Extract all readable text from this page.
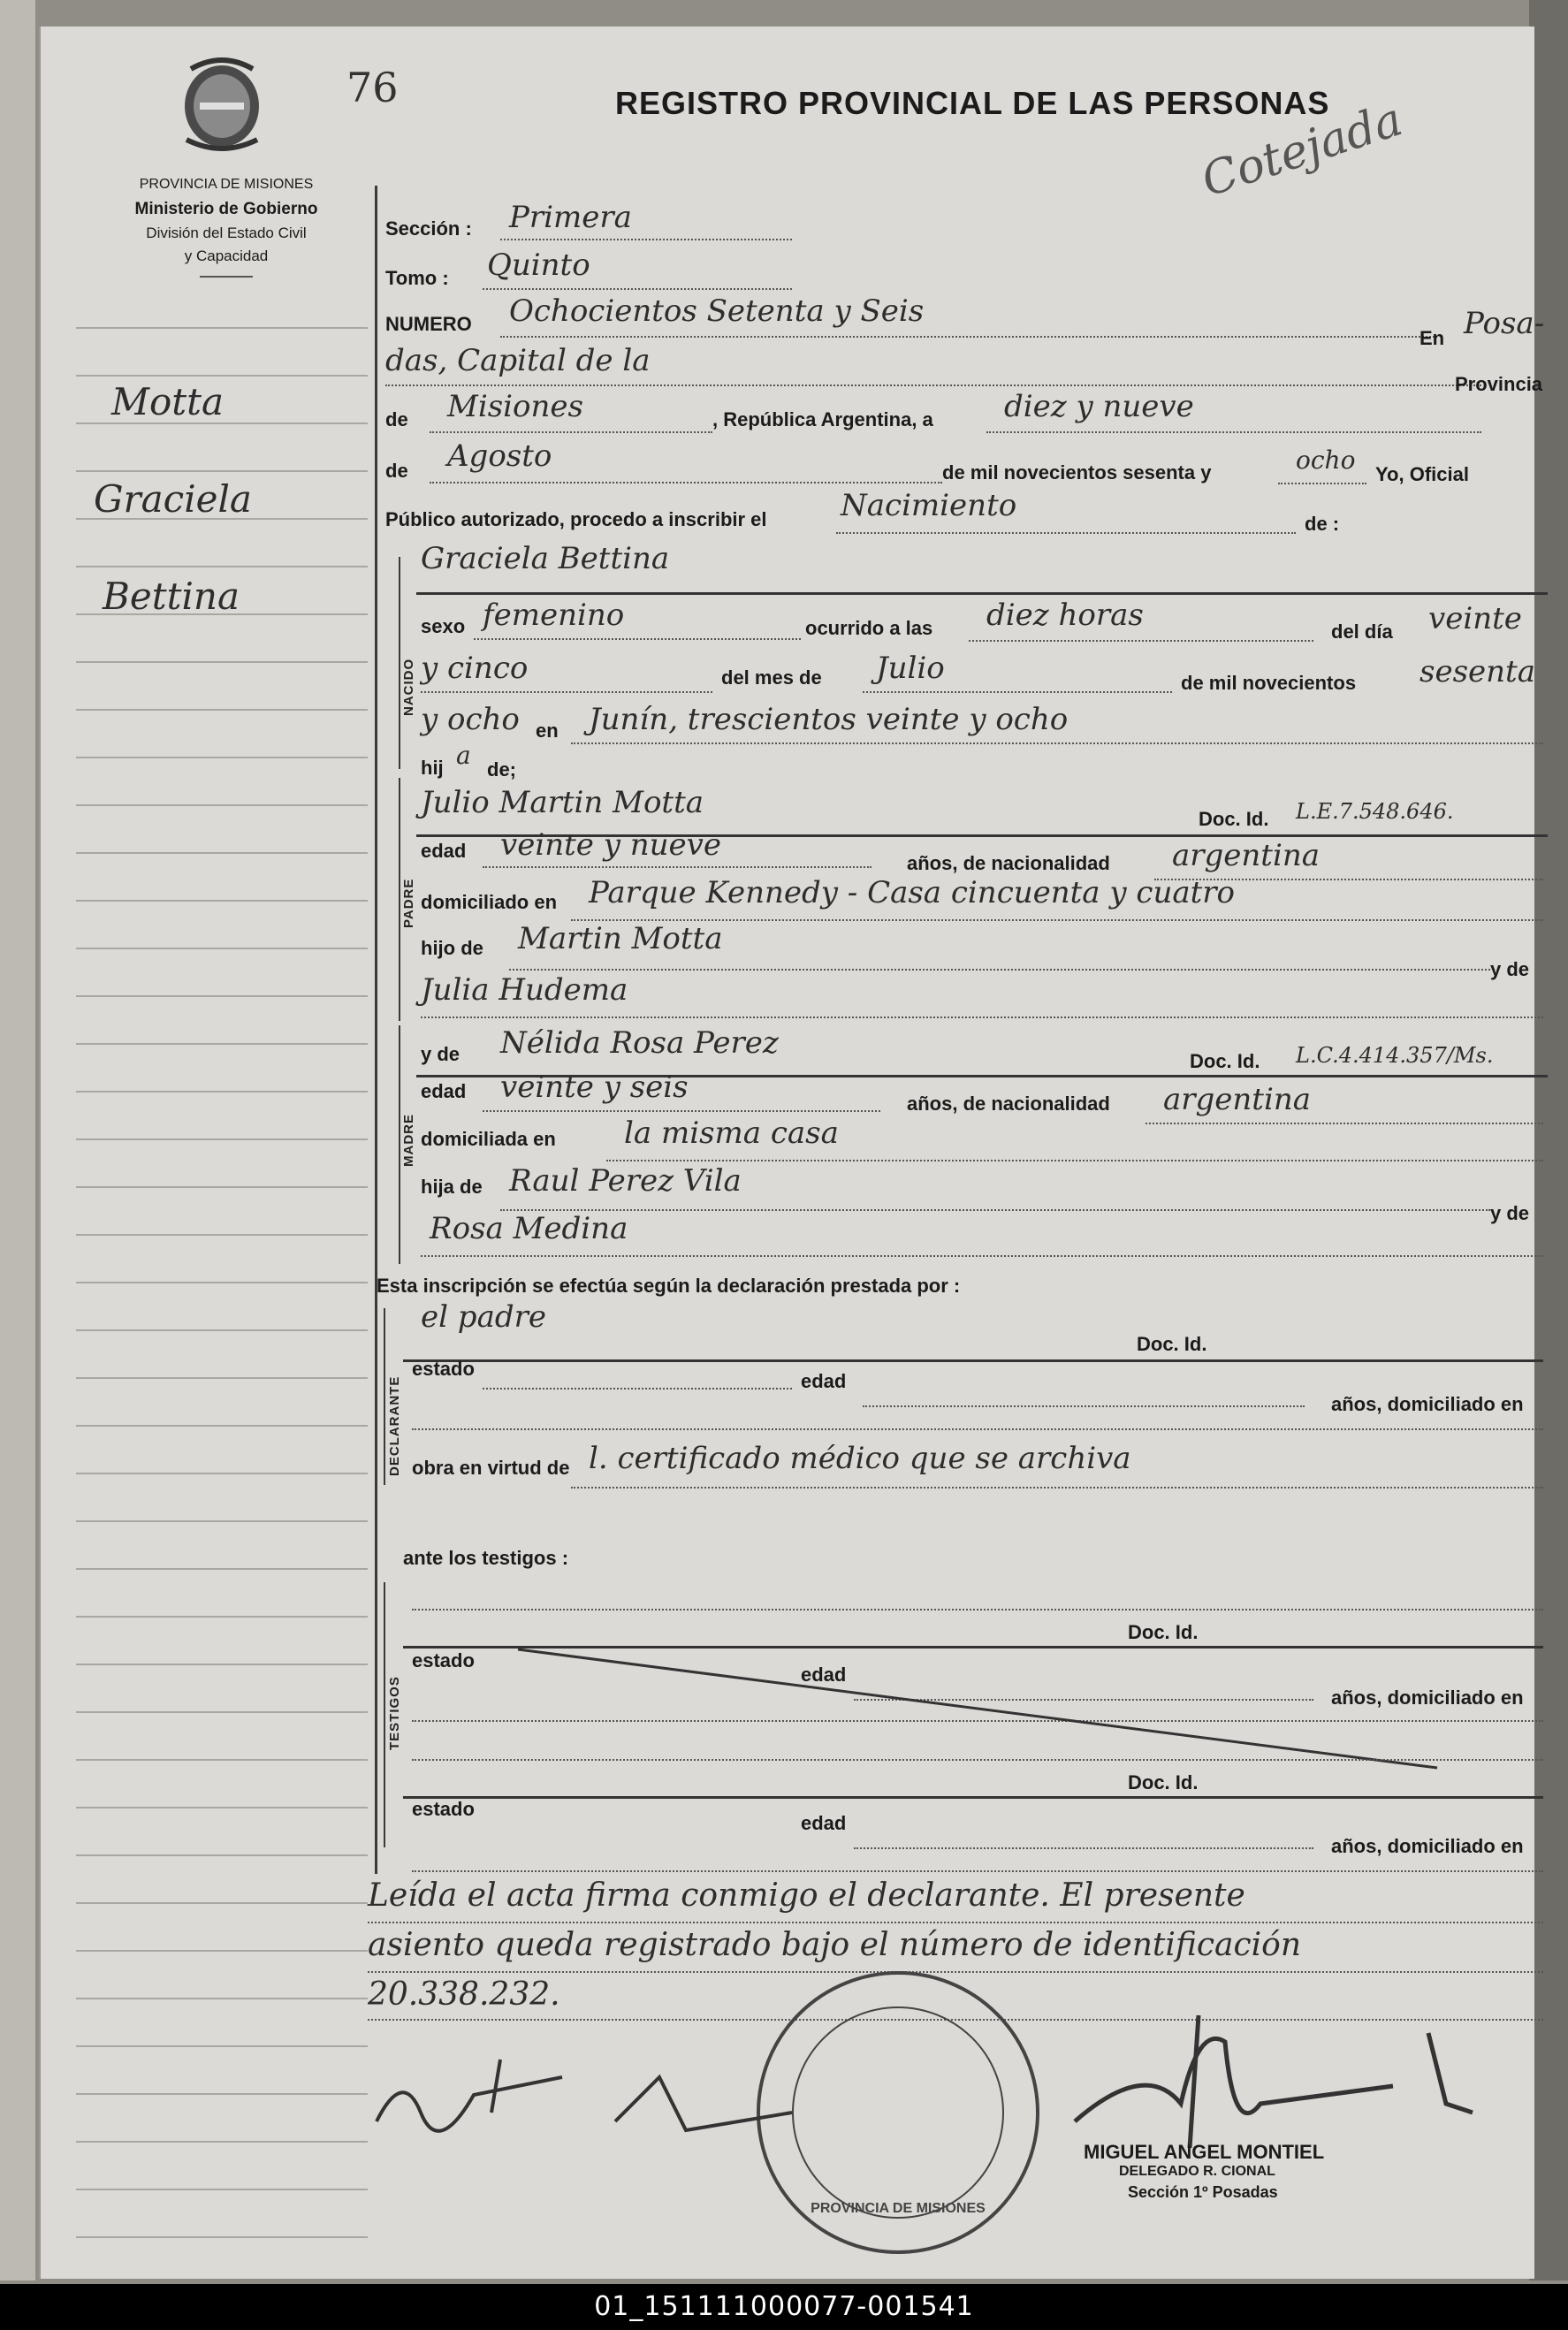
PROVINCIA DE MISIONES
Ministerio de Gobierno
División del Estado Civil
y Capacidad
76	REGISTRO PROVINCIAL DE LAS PERSONAS
Cotejada
Motta
Graciela
Bettina
Sección : Primera
Tomo : Quinto
NUMERO Ochocientos Setenta y Seis
En Posa-
das, Capital de la
Provincia
de Misiones	, República Argentina, a diez y nueve
de Agosto	de mil novecientos sesenta y	ocho Yo, Oficial
Público autorizado, procedo a inscribir el Nacimiento
de :
NACIDO
Graciela Bettina
sexo femenino	ocurrido a las diez horas	del día veinte
y cinco	del mes de Julio	de mil novecientos sesenta
y ocho en Junín, trescientos veinte y ocho
hij a de;
PADRE
Julio Martin Motta	Doc. Id. L.E.7.548.646.
edad veinte y nueve
años, de nacionalidad argentina
domiciliado en Parque Kennedy - Casa cincuenta y cuatro
hijo de Martin Motta
y de
Julia Hudema
MADRE
y de Nélida Rosa Perez
Doc. Id. L.C.4.414.357/Ms.
edad veinte y seis	años, de nacionalidad argentina
domiciliada en la misma casa
hija de Raul Perez Vila
y de
Rosa Medina
Esta inscripción se efectúa según la declaración prestada por :
DECLARANTE
el padre
Doc. Id.
estado
edad
años, domiciliado en
obra en virtud de l. certificado médico que se archiva
ante los testigos :
TESTIGOS
Doc. Id.
estado
edad
años, domiciliado en
Doc. Id.
estado
edad
años, domiciliado en
Leída el acta firma conmigo el declarante. El presente
asiento queda registrado bajo el número de identificación
20.338.232.
PROVINCIA DE MISIONES
MIGUEL ANGEL MONTIEL
DELEGADO R. CIONAL
Sección 1º Posadas
01_151111000077-001541
